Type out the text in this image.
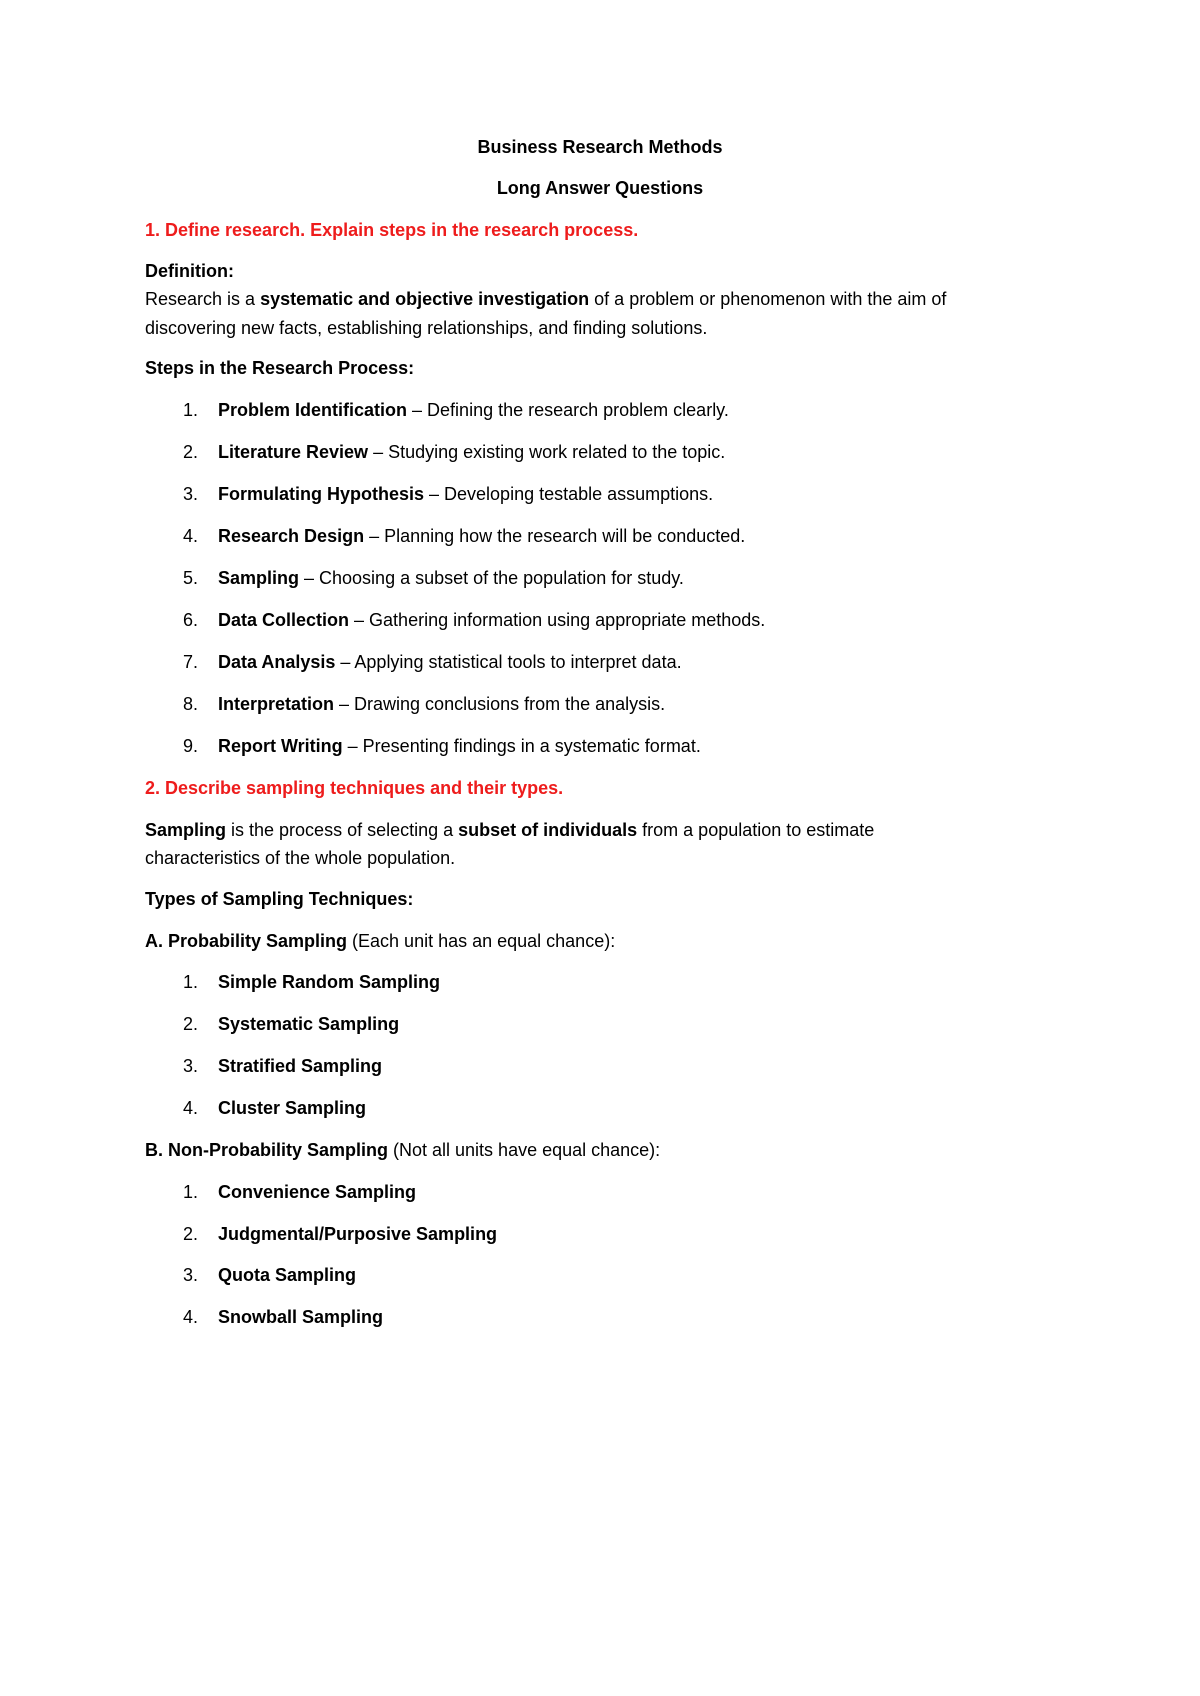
Business Research Methods

Long Answer Questions

1. Define research. Explain steps in the research process.

Definition:

Research is a systematic and objective investigation of a problem or phenomenon with the aim of

discovering new facts, establishing relationships, and finding solutions.

Steps in the Research Process:

1. Problem Identification – Defining the research problem clearly.

2. Literature Review – Studying existing work related to the topic.

3. Formulating Hypothesis – Developing testable assumptions.

4. Research Design – Planning how the research will be conducted.

5. Sampling – Choosing a subset of the population for study.

6. Data Collection – Gathering information using appropriate methods.

7. Data Analysis – Applying statistical tools to interpret data.

8. Interpretation – Drawing conclusions from the analysis.

9. Report Writing – Presenting findings in a systematic format.

2. Describe sampling techniques and their types.

Sampling is the process of selecting a subset of individuals from a population to estimate

characteristics of the whole population.

Types of Sampling Techniques:

A. Probability Sampling (Each unit has an equal chance):

1. Simple Random Sampling

2. Systematic Sampling

3. Stratified Sampling

4. Cluster Sampling

B. Non-Probability Sampling (Not all units have equal chance):

1. Convenience Sampling

2. Judgmental/Purposive Sampling

3. Quota Sampling

4. Snowball Sampling
